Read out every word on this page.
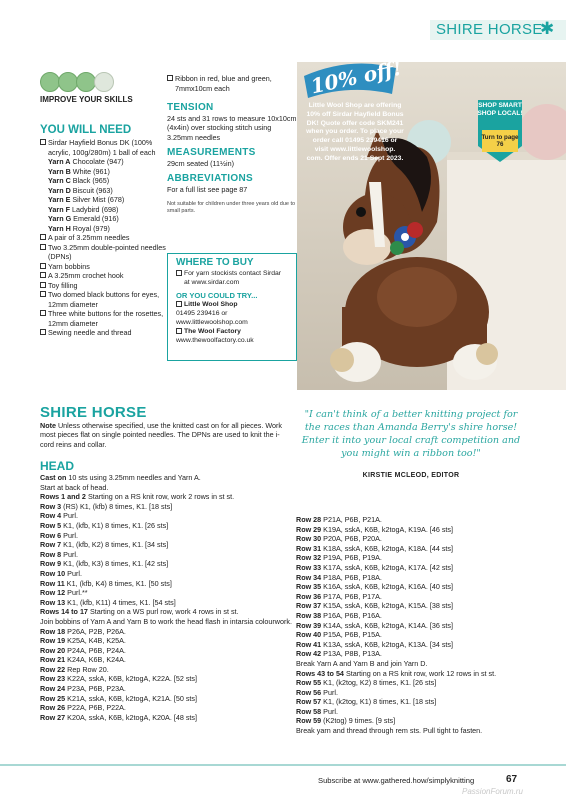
SHIRE HORSE
✱
IMPROVE YOUR SKILLS
YOU WILL NEED
Sirdar Hayfield Bonus DK (100% acrylic, 100g/280m) 1 ball of each
Yarn A Chocolate (947)
Yarn B White (961)
Yarn C Black (965)
Yarn D Biscuit (963)
Yarn E Silver Mist (678)
Yarn F Ladybird (698)
Yarn G Emerald (916)
Yarn H Royal (979)
A pair of 3.25mm needles
Two 3.25mm double-pointed needles (DPNs)
Yarn bobbins
A 3.25mm crochet hook
Toy filling
Two domed black buttons for eyes, 12mm diameter
Three white buttons for the rosettes, 12mm diameter
Sewing needle and thread
Ribbon in red, blue and green, 7mmx10cm each
TENSION
24 sts and 31 rows to measure 10x10cm (4x4in) over stocking stitch using 3.25mm needles
MEASUREMENTS
29cm seated (11½in)
ABBREVIATIONS
For a full list see page 87
Not suitable for children under three years old due to small parts.
WHERE TO BUY
For yarn stockists contact Sirdar at www.sirdar.com
OR YOU COULD TRY...
Little Wool Shop
01495 239416 or www.littlewoolshop.com
The Wool Factory
www.thewoolfactory.co.uk
10% off!
Little Wool Shop are offering 10% off Sirdar Hayfield Bonus DK! Quote offer code SKM241 when you order. To place your order call 01495 239416 or visit www.littlewoolshop. com. Offer ends 21 Sept 2023.
SHOP SMART SHOP LOCAL!
Turn to page 76
SHIRE HORSE
Note Unless otherwise specified, use the knitted cast on for all pieces. Work most pieces flat on single pointed needles. The DPNs are used to knit the i-cord reins and collar.
HEAD
Cast on 10 sts using 3.25mm needles and Yarn A.
Start at back of head.
Rows 1 and 2 Starting on a RS knit row, work 2 rows in st st.
Row 3 (RS) K1, (kfb) 8 times, K1. [18 sts]
Row 4 Purl.
Row 5 K1, (kfb, K1) 8 times, K1. [26 sts]
Row 6 Purl.
Row 7 K1, (kfb, K2) 8 times, K1. [34 sts]
Row 8 Purl.
Row 9 K1, (kfb, K3) 8 times, K1. [42 sts]
Row 10 Purl.
Row 11 K1, (kfb, K4) 8 times, K1. [50 sts]
Row 12 Purl.**
Row 13 K1, (kfb, K11) 4 times, K1. [54 sts]
Rows 14 to 17 Starting on a WS purl row, work 4 rows in st st.
Join bobbins of Yarn A and Yarn B to work the head flash in intarsia colourwork.
Row 18 P26A, P2B, P26A.
Row 19 K25A, K4B, K25A.
Row 20 P24A, P6B, P24A.
Row 21 K24A, K6B, K24A.
Row 22 Rep Row 20.
Row 23 K22A, sskA, K6B, k2togA, K22A. [52 sts]
Row 24 P23A, P6B, P23A.
Row 25 K21A, sskA, K6B, k2togA, K21A. [50 sts]
Row 26 P22A, P6B, P22A.
Row 27 K20A, sskA, K6B, k2togA, K20A. [48 sts]
"I can't think of a better knitting project for the races than Amanda Berry's shire horse! Enter it into your local craft competition and you might win a ribbon too!"
KIRSTIE MCLEOD, EDITOR
Row 28 P21A, P6B, P21A.
Row 29 K19A, sskA, K6B, k2togA, K19A. [46 sts]
Row 30 P20A, P6B, P20A.
Row 31 K18A, sskA, K6B, k2togA, K18A. [44 sts]
Row 32 P19A, P6B, P19A.
Row 33 K17A, sskA, K6B, k2togA, K17A. [42 sts]
Row 34 P18A, P6B, P18A.
Row 35 K16A, sskA, K6B, k2togA, K16A. [40 sts]
Row 36 P17A, P6B, P17A.
Row 37 K15A, sskA, K6B, k2togA, K15A. [38 sts]
Row 38 P16A, P6B, P16A.
Row 39 K14A, sskA, K6B, k2togA, K14A. [36 sts]
Row 40 P15A, P6B, P15A.
Row 41 K13A, sskA, K6B, k2togA, K13A. [34 sts]
Row 42 P13A, P8B, P13A.
Break Yarn A and Yarn B and join Yarn D.
Rows 43 to 54 Starting on a RS knit row, work 12 rows in st st.
Row 55 K1, (k2tog, K2) 8 times, K1. [26 sts]
Row 56 Purl.
Row 57 K1, (k2tog, K1) 8 times, K1. [18 sts]
Row 58 Purl.
Row 59 (K2tog) 9 times. [9 sts]
Break yarn and thread through rem sts. Pull tight to fasten.
Subscribe at www.gathered.how/simplyknitting	67
PassionForum.ru
